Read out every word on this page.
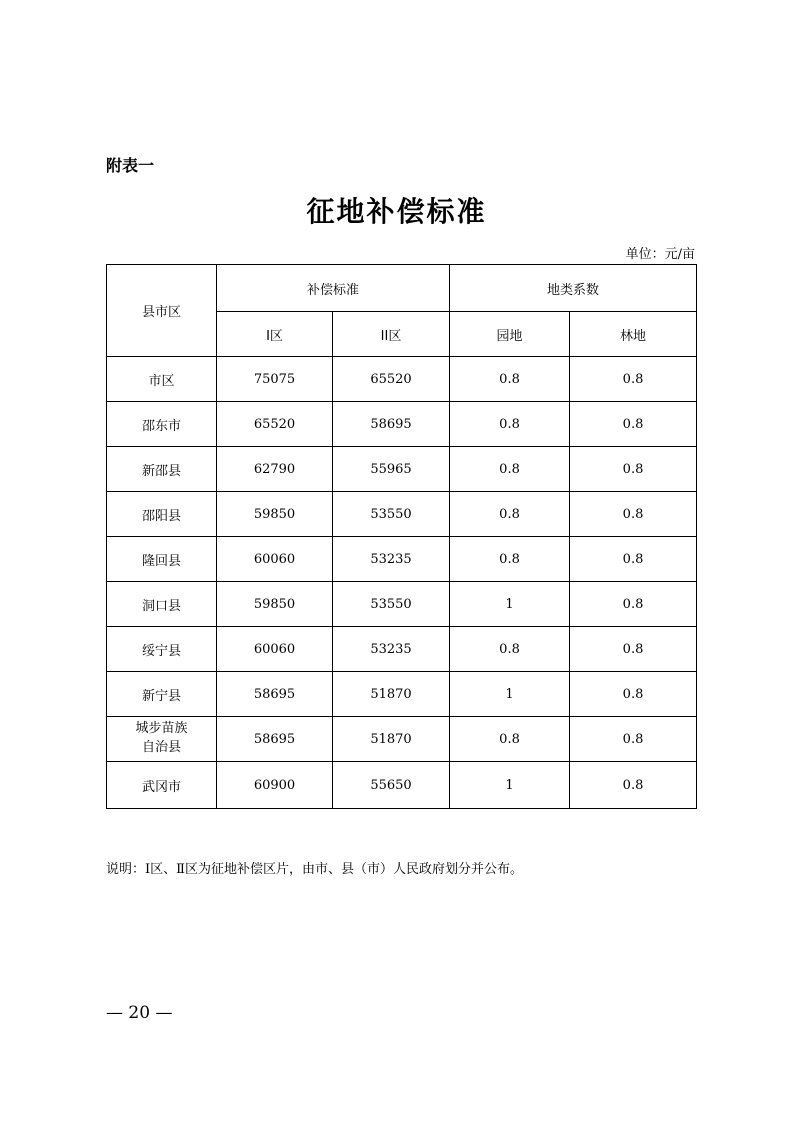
附表一
征地补偿标准
单位：元/亩
县市区	补偿标准		地类系数	
	Ⅰ区	ⅠⅠ区	园地	林地
市区	75075	65520	0.8	0.8
邵东市	65520	58695	0.8	0.8
新邵县	62790	55965	0.8	0.8
邵阳县	59850	53550	0.8	0.8
隆回县	60060	53235	0.8	0.8
洞口县	59850	53550	1	0.8
绥宁县	60060	53235	0.8	0.8
新宁县	58695	51870	1	0.8

城步苗族
自治县	58695	51870	0.8	0.8
武冈市	60900	55650	1	0.8
说明：Ⅰ区、Ⅱ区为征地补偿区片，由市、县（市）人民政府划分并公布。
— 20 —
